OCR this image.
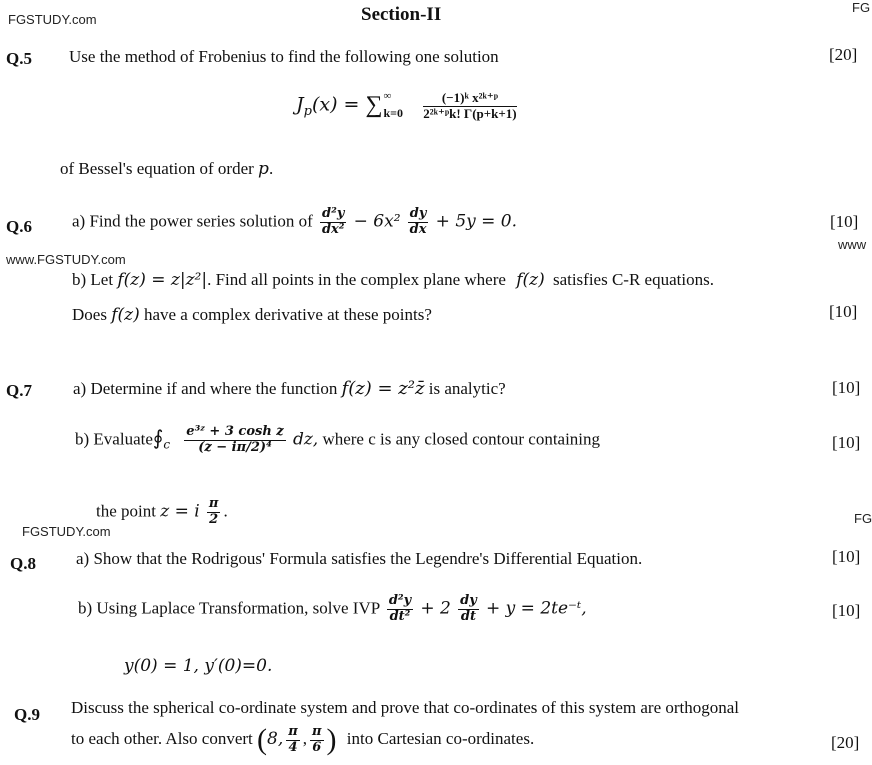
FGSTUDY.com
FG
www.FGSTUDY.com
www
FGSTUDY.com
FG
Section-II
Q.5 Use the method of Frobenius to find the following one solution	[20]
$J_p(x)$ = ∑ ∞
k=0
$\frac{\text{(−1)ᵏ x²ᵏ⁺ᵖ}}{\text{2²ᵏ⁺ᵖk! Γ(p+k+1)}}$
of Bessel's equation of order p.
Q.6 a) Find the power series solution of $\frac{\text{d²y}}{\text{dx²}} - 6x^2 \frac{dy}{dx} + 5y = 0$.	[10]
b) Let f(z) = z|z²|. Find all points in the complex plane where f(z) satisfies C-R equations.
Does f(z) have a complex derivative at these points?	[10]
Q.7 a) Determine if and where the function f(z) = z²z̄ is analytic?	[10]
b) $Evaluate∮_c \frac{\text{e³ᶻ + 3 cosh z}}{\text{(z − iπ/2)⁴}}$ dz, where c is any closed contour containing	[10]
the point z = i $\frac{\pi}{2}$ .
Q.8 a) Show that the Rodrigous' Formula satisfies the Legendre's Differential Equation.	[10]
b) Using Laplace Transformation, solve IVP $\frac{\text{d²y}}{\text{dt²}} + 2 \frac{dy}{dt} + y$ = 2te⁻ᵗ,	[10]
y(0) = 1, y′(0)=0.
Q.9 Discuss the spherical co-ordinate system and prove that co-ordinates of this system are orthogonal
to each other. Also convert (8, $\frac{\pi}{4}$ , $\frac{\pi}{6}$ ) into Cartesian co-ordinates.	[20]
